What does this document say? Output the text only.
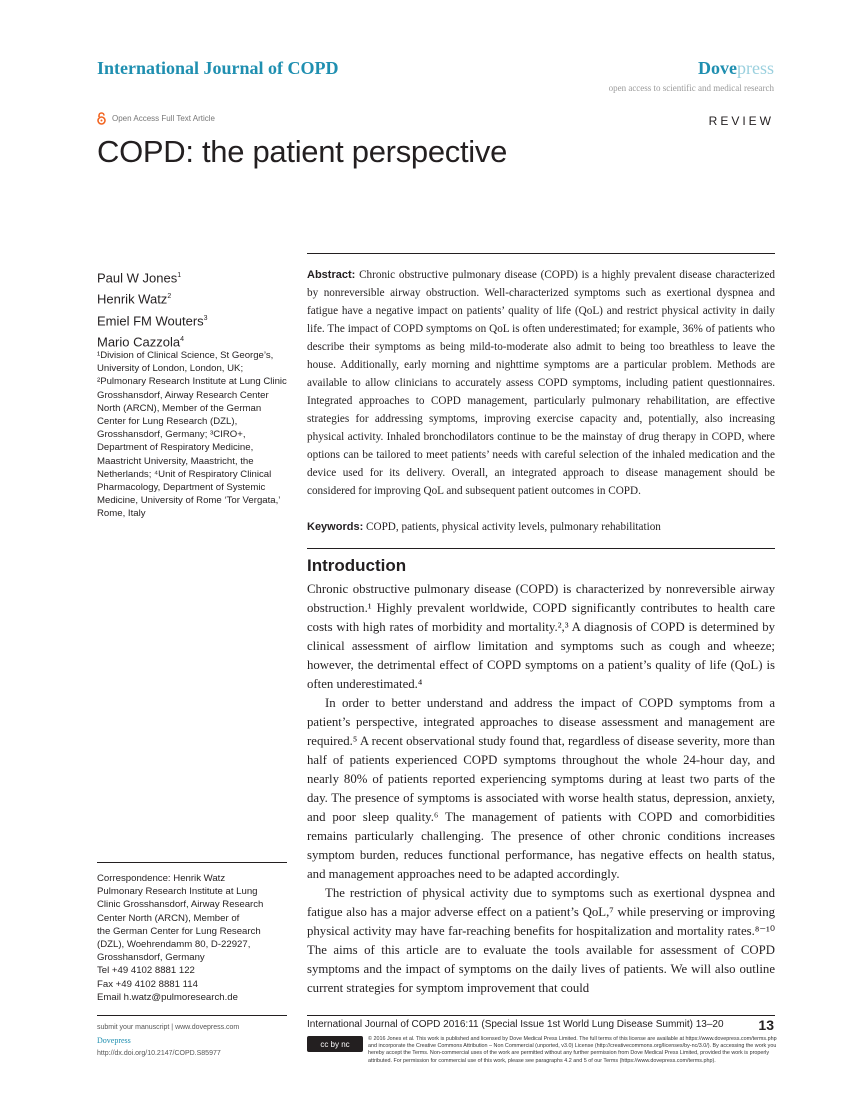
International Journal of COPD	Dovepress
open access to scientific and medical research
Open Access Full Text Article	REVIEW
COPD: the patient perspective
Paul W Jones$^1$
Henrik Watz$^2$
Emiel FM Wouters$^3$
Mario Cazzola$^4$
¹Division of Clinical Science, St George’s, University of London, London, UK; ²Pulmonary Research Institute at Lung Clinic Grosshansdorf, Airway Research Center North (ARCN), Member of the German Center for Lung Research (DZL), Grosshansdorf, Germany; ³CIRO+, Department of Respiratory Medicine, Maastricht University, Maastricht, the Netherlands; ⁴Unit of Respiratory Clinical Pharmacology, Department of Systemic Medicine, University of Rome ‘Tor Vergata,’ Rome, Italy
Correspondence: Henrik Watz
Pulmonary Research Institute at Lung
Clinic Grosshansdorf, Airway Research
Center North (ARCN), Member of
the German Center for Lung Research
(DZL), Woehrendamm 80, D-22927,
Grosshansdorf, Germany
Tel +49 4102 8881 122
Fax +49 4102 8881 114
Email h.watz@pulmoresearch.de
Abstract: Chronic obstructive pulmonary disease (COPD) is a highly prevalent disease characterized by nonreversible airway obstruction. Well-characterized symptoms such as exertional dyspnea and fatigue have a negative impact on patients’ quality of life (QoL) and restrict physical activity in daily life. The impact of COPD symptoms on QoL is often underestimated; for example, 36% of patients who describe their symptoms as being mild-to-moderate also admit to being too breathless to leave the house. Additionally, early morning and nighttime symptoms are a particular problem. Methods are available to allow clinicians to accurately assess COPD symptoms, including patient questionnaires. Integrated approaches to COPD management, particularly pulmonary rehabilitation, are effective strategies for addressing symptoms, improving exercise capacity and, potentially, also increasing physical activity. Inhaled bronchodilators continue to be the mainstay of drug therapy in COPD, where options can be tailored to meet patients’ needs with careful selection of the inhaled medication and the device used for its delivery. Overall, an integrated approach to disease management should be considered for improving QoL and subsequent patient outcomes in COPD.
Keywords: COPD, patients, physical activity levels, pulmonary rehabilitation
Introduction

Chronic obstructive pulmonary disease (COPD) is characterized by nonreversible airway obstruction.¹ Highly prevalent worldwide, COPD significantly contributes to health care costs with high rates of morbidity and mortality.²,³ A diagnosis of COPD is determined by clinical assessment of airflow limitation and symptoms such as cough and wheeze; however, the detrimental effect of COPD symptoms on a patient’s quality of life (QoL) is often underestimated.⁴

In order to better understand and address the impact of COPD symptoms from a patient’s perspective, integrated approaches to disease assessment and management are required.⁵ A recent observational study found that, regardless of disease severity, more than half of patients experienced COPD symptoms throughout the whole 24-hour day, and nearly 80% of patients reported experiencing symptoms during at least two parts of the day. The presence of symptoms is associated with worse health status, depression, anxiety, and poor sleep quality.⁶ The management of patients with COPD and comorbidities remains particularly challenging. The presence of other chronic conditions increases symptom burden, reduces functional performance, has negative effects on health status, and management approaches need to be adapted accordingly.

The restriction of physical activity due to symptoms such as exertional dyspnea and fatigue also has a major adverse effect on a patient’s QoL,⁷ while preserving or improving physical activity may have far-reaching benefits for hospitalization and mortality rates.⁸⁻¹⁰ The aims of this article are to evaluate the tools available for assessment of COPD symptoms and the impact of symptoms on the daily lives of patients. We will also outline current strategies for symptom improvement that could

submit your manuscript | www.dovepress.com
Dovepress
http://dx.doi.org/10.2147/COPD.S85977
International Journal of COPD 2016:11 (Special Issue 1st World Lung Disease Summit) 13–20 13
cc by nc
© 2016 Jones et al. This work is published and licensed by Dove Medical Press Limited. The full terms of this license are available at https://www.dovepress.com/terms.php and incorporate the Creative Commons Attribution – Non Commercial (unported, v3.0) License (http://creativecommons.org/licenses/by-nc/3.0/). By accessing the work you hereby accept the Terms. Non-commercial uses of the work are permitted without any further permission from Dove Medical Press Limited, provided the work is properly attributed. For permission for commercial use of this work, please see paragraphs 4.2 and 5 of our Terms (https://www.dovepress.com/terms.php).
